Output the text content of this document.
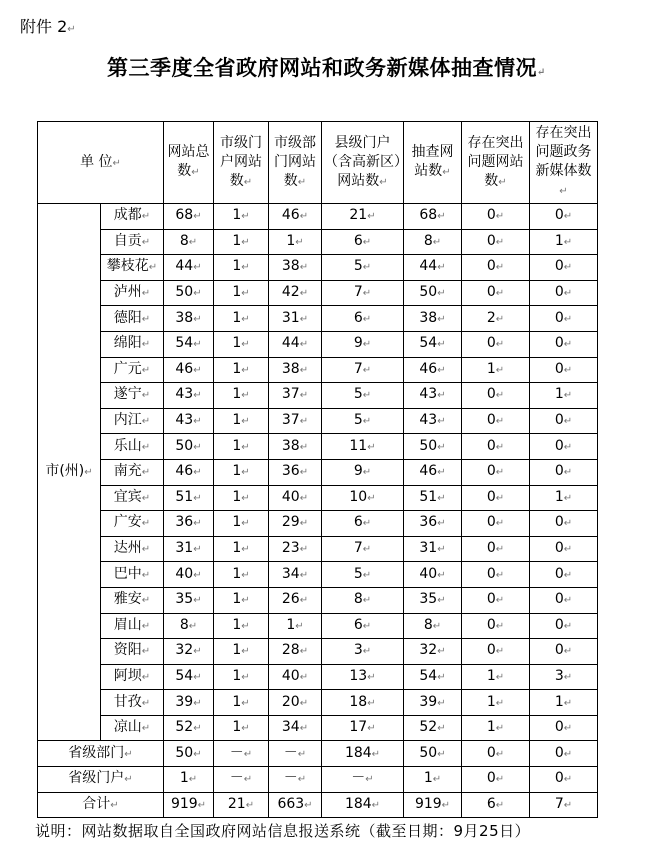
附件 2↵
第三季度全省政府网站和政务新媒体抽查情况↵
单 位↵		网站总数↵	市级门户网站数↵	市级部门网站数↵	县级门户（含高新区）网站数↵	抽查网站数↵	存在突出问题网站数↵	存在突出问题政务新媒体数↵
市(州)↵	成都↵	68↵	1↵	46↵	21↵	68↵	0↵	0↵
	自贡↵	8↵	1↵	1↵	6↵	8↵	0↵	1↵
	攀枝花↵	44↵	1↵	38↵	5↵	44↵	0↵	0↵
	泸州↵	50↵	1↵	42↵	7↵	50↵	0↵	0↵
	德阳↵	38↵	1↵	31↵	6↵	38↵	2↵	0↵
	绵阳↵	54↵	1↵	44↵	9↵	54↵	0↵	0↵
	广元↵	46↵	1↵	38↵	7↵	46↵	1↵	0↵
	遂宁↵	43↵	1↵	37↵	5↵	43↵	0↵	1↵
	内江↵	43↵	1↵	37↵	5↵	43↵	0↵	0↵
	乐山↵	50↵	1↵	38↵	11↵	50↵	0↵	0↵
	南充↵	46↵	1↵	36↵	9↵	46↵	0↵	0↵
	宜宾↵	51↵	1↵	40↵	10↵	51↵	0↵	1↵
	广安↵	36↵	1↵	29↵	6↵	36↵	0↵	0↵
	达州↵	31↵	1↵	23↵	7↵	31↵	0↵	0↵
	巴中↵	40↵	1↵	34↵	5↵	40↵	0↵	0↵
	雅安↵	35↵	1↵	26↵	8↵	35↵	0↵	0↵
	眉山↵	8↵	1↵	1↵	6↵	8↵	0↵	0↵
	资阳↵	32↵	1↵	28↵	3↵	32↵	0↵	0↵
	阿坝↵	54↵	1↵	40↵	13↵	54↵	1↵	3↵
	甘孜↵	39↵	1↵	20↵	18↵	39↵	1↵	1↵
	凉山↵	52↵	1↵	34↵	17↵	52↵	1↵	0↵
省级部门↵		50↵	－↵	－↵	184↵	50↵	0↵	0↵
省级门户↵		1↵	－↵	－↵	－↵	1↵	0↵	0↵
合计↵		919↵	21↵	663↵	184↵	919↵	6↵	7↵
说明：网站数据取自全国政府网站信息报送系统（截至日期：9月25日）
